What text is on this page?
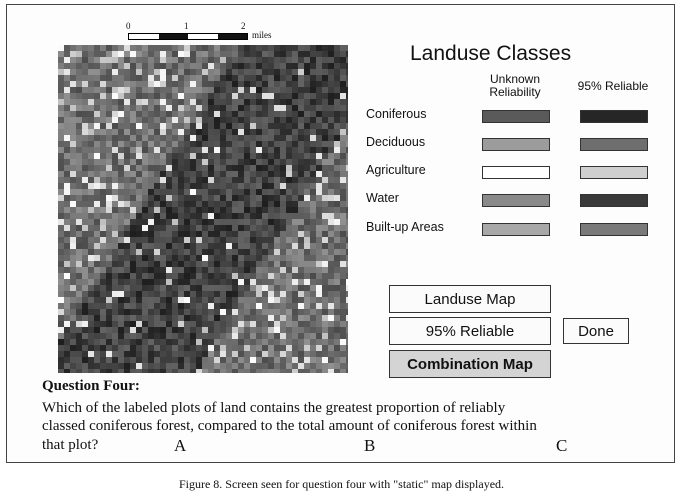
0	1	2
miles
Landuse Classes
Unknown Reliability	95% Reliable
Coniferous
Deciduous
Agriculture
Water
Built-up Areas
Landuse Map
95% Reliable	Done
Combination Map
Question Four:
Which of the labeled plots of land contains the greatest proportion of reliably
classed coniferous forest, compared to the total amount of coniferous forest within
that plot?	A	B	C
Figure 8. Screen seen for question four with "static" map displayed.
